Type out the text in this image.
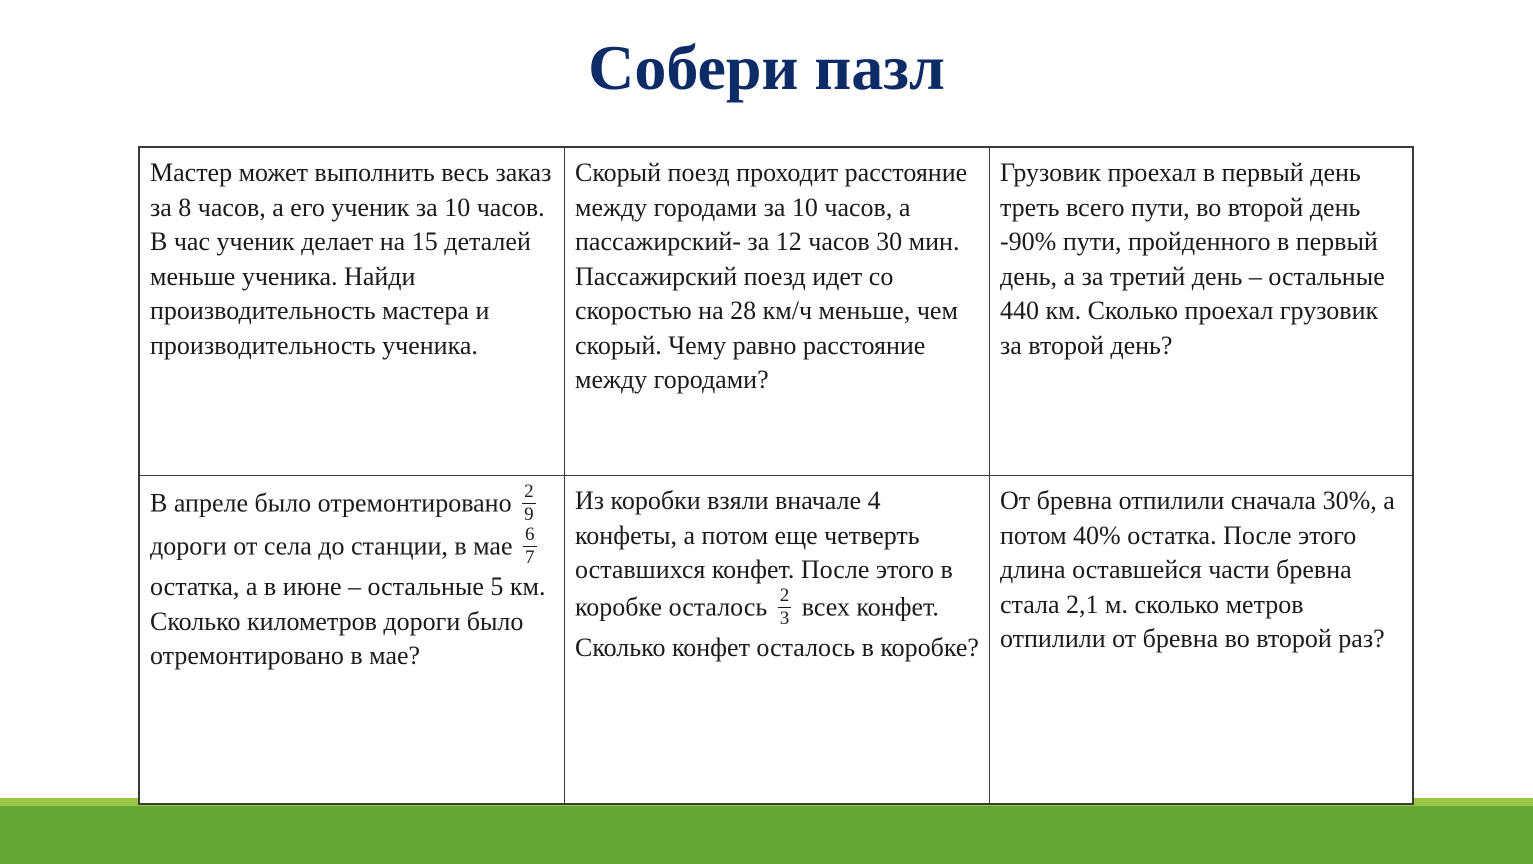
Собери пазл
Мастер может выполнить весь заказ за 8 часов, а его ученик за 10 часов. В час ученик делает на 15 деталей меньше ученика. Найди производительность мастера и производительность ученика.
Скорый поезд проходит расстояние между городами за 10 часов, а пассажирский- за 12 часов 30 мин. Пассажирский поезд идет со скоростью на 28 км/ч меньше, чем скорый. Чему равно расстояние между городами?
Грузовик проехал в первый день треть всего пути, во второй день -90% пути, пройденного в первый день, а за третий день – остальные 440 км. Сколько проехал грузовик за второй день?
В апреле было отремонтировано $\frac{2}{9}$
дороги от села до станции, в мае $\frac{6}{7}$
остатка, а в июне – остальные 5 км. Сколько километров дороги было отремонтировано в мае?
Из коробки взяли вначале 4 конфеты, а потом еще четверть оставшихся конфет. После этого в коробке осталось $\frac{2}{3}$ всех конфет. Сколько конфет осталось в коробке?
От бревна отпилили сначала 30%, а потом 40% остатка. После этого длина оставшейся части бревна стала 2,1 м. сколько метров отпилили от бревна во второй раз?
